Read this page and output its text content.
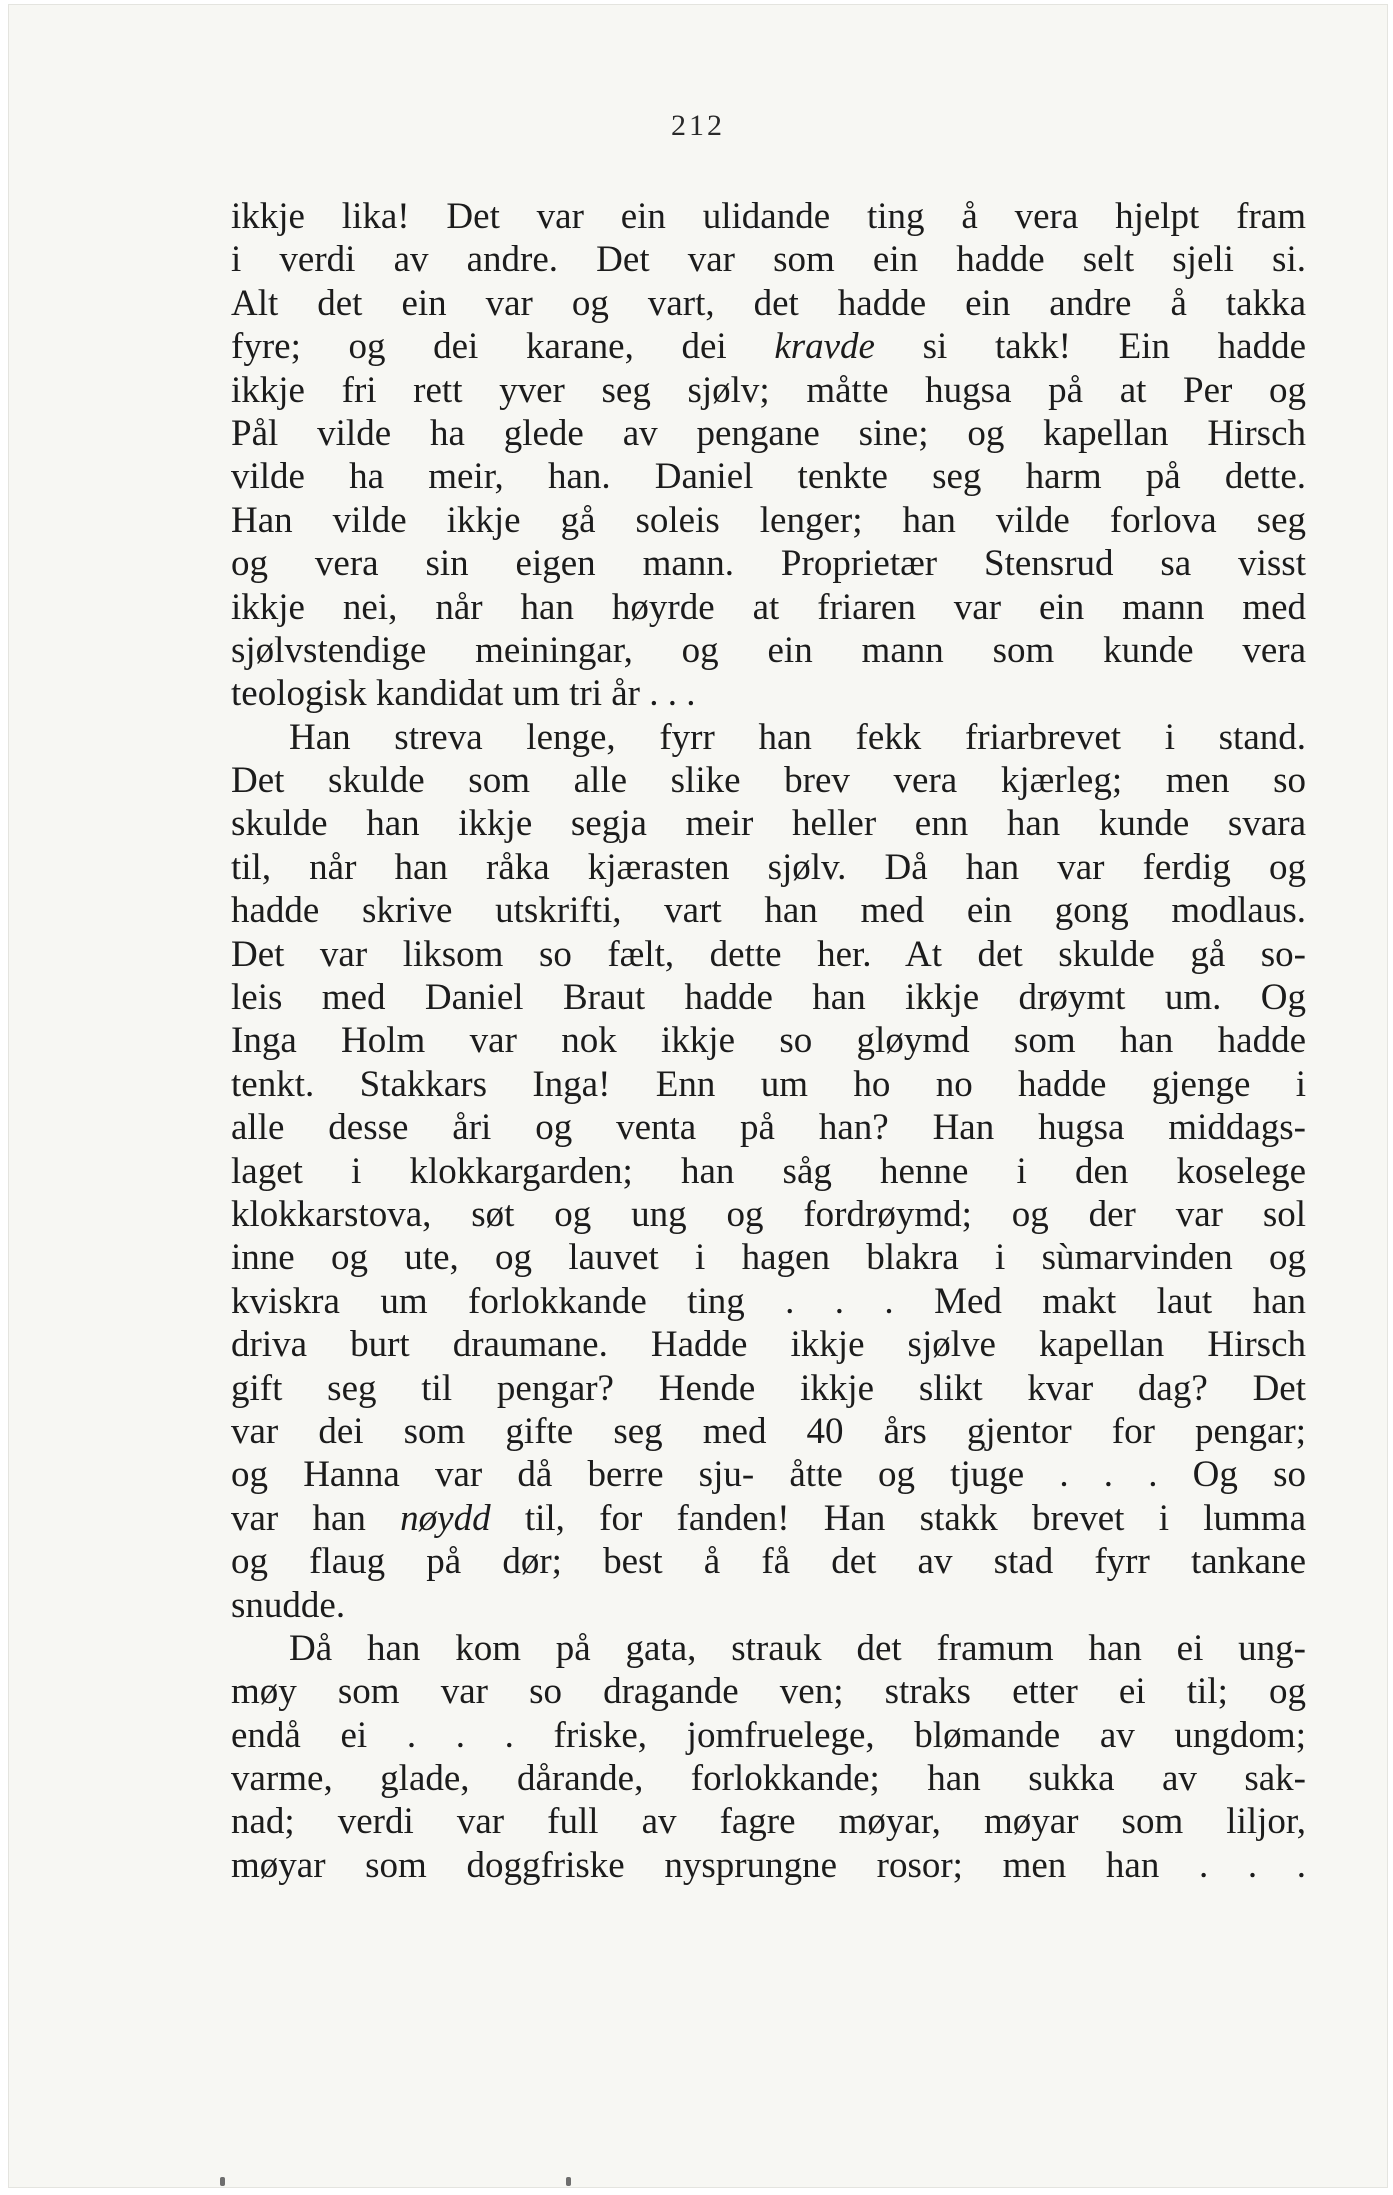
212
ikkje lika! Det var ein ulidande ting å vera hjelpt fram
i verdi av andre. Det var som ein hadde selt sjeli si.
Alt det ein var og vart, det hadde ein andre å takka
fyre; og dei karane, dei kravde si takk! Ein hadde
ikkje fri rett yver seg sjølv; måtte hugsa på at Per og
Pål vilde ha glede av pengane sine; og kapellan Hirsch
vilde ha meir, han. Daniel tenkte seg harm på dette.
Han vilde ikkje gå soleis lenger; han vilde forlova seg
og vera sin eigen mann. Proprietær Stensrud sa visst
ikkje nei, når han høyrde at friaren var ein mann med
sjølvstendige meiningar, og ein mann som kunde vera
teologisk kandidat um tri år . . .
Han streva lenge, fyrr han fekk friarbrevet i stand.
Det skulde som alle slike brev vera kjærleg; men so
skulde han ikkje segja meir heller enn han kunde svara
til, når han råka kjærasten sjølv. Då han var ferdig og
hadde skrive utskrifti, vart han med ein gong modlaus.
Det var liksom so fælt, dette her. At det skulde gå so-
leis med Daniel Braut hadde han ikkje drøymt um. Og
Inga Holm var nok ikkje so gløymd som han hadde
tenkt. Stakkars Inga! Enn um ho no hadde gjenge i
alle desse åri og venta på han? Han hugsa middags-
laget i klokkargarden; han såg henne i den koselege
klokkarstova, søt og ung og fordrøymd; og der var sol
inne og ute, og lauvet i hagen blakra i sùmarvinden og
kviskra um forlokkande ting . . . Med makt laut han
driva burt draumane. Hadde ikkje sjølve kapellan Hirsch
gift seg til pengar? Hende ikkje slikt kvar dag? Det
var dei som gifte seg med 40 års gjentor for pengar;
og Hanna var då berre sju- åtte og tjuge . . . Og so
var han nøydd til, for fanden! Han stakk brevet i lumma
og flaug på dør; best å få det av stad fyrr tankane
snudde.
Då han kom på gata, strauk det framum han ei ung-
møy som var so dragande ven; straks etter ei til; og
endå ei . . . friske, jomfruelege, blømande av ungdom;
varme, glade, dårande, forlokkande; han sukka av sak-
nad; verdi var full av fagre møyar, møyar som liljor,
møyar som doggfriske nysprungne rosor; men han . . .
